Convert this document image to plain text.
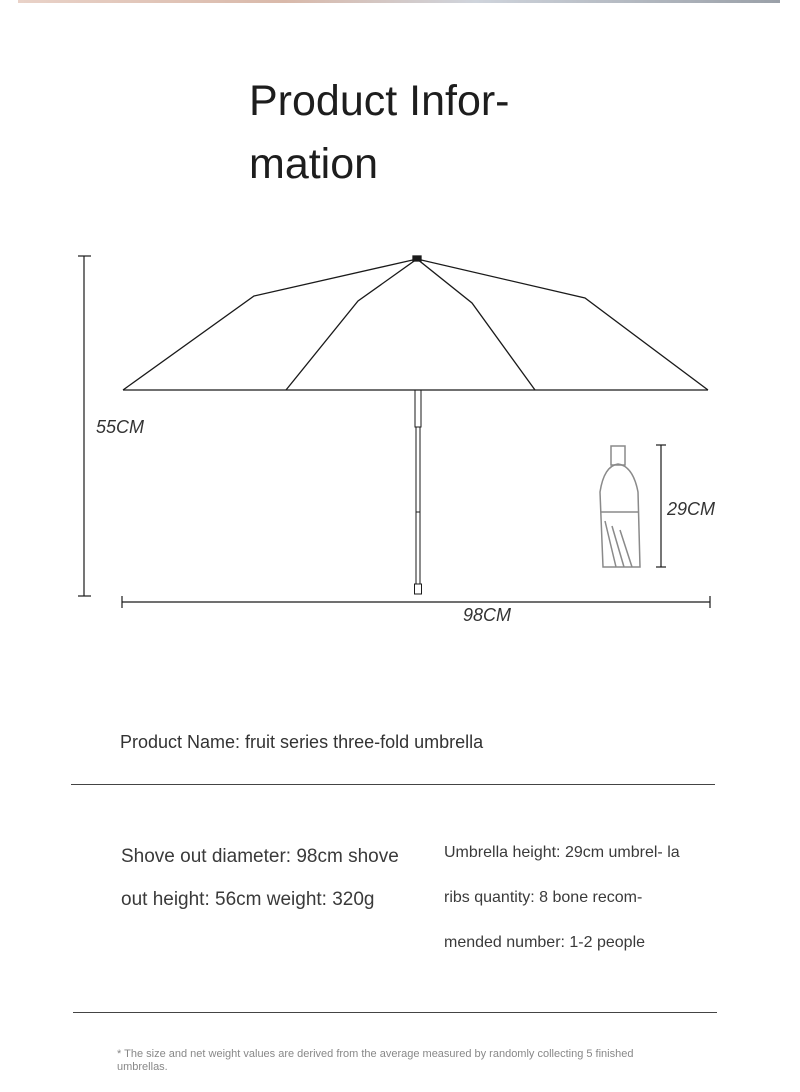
Product Infor- mation
55CM
98CM
29CM
Product Name: fruit series three-fold umbrella
Shove out diameter: 98cm shove out height: 56cm weight: 320g
Umbrella height: 29cm umbrel- la ribs quantity: 8 bone recom- mended number: 1-2 people
* The size and net weight values are derived from the average measured by randomly collecting 5 finished umbrellas.
